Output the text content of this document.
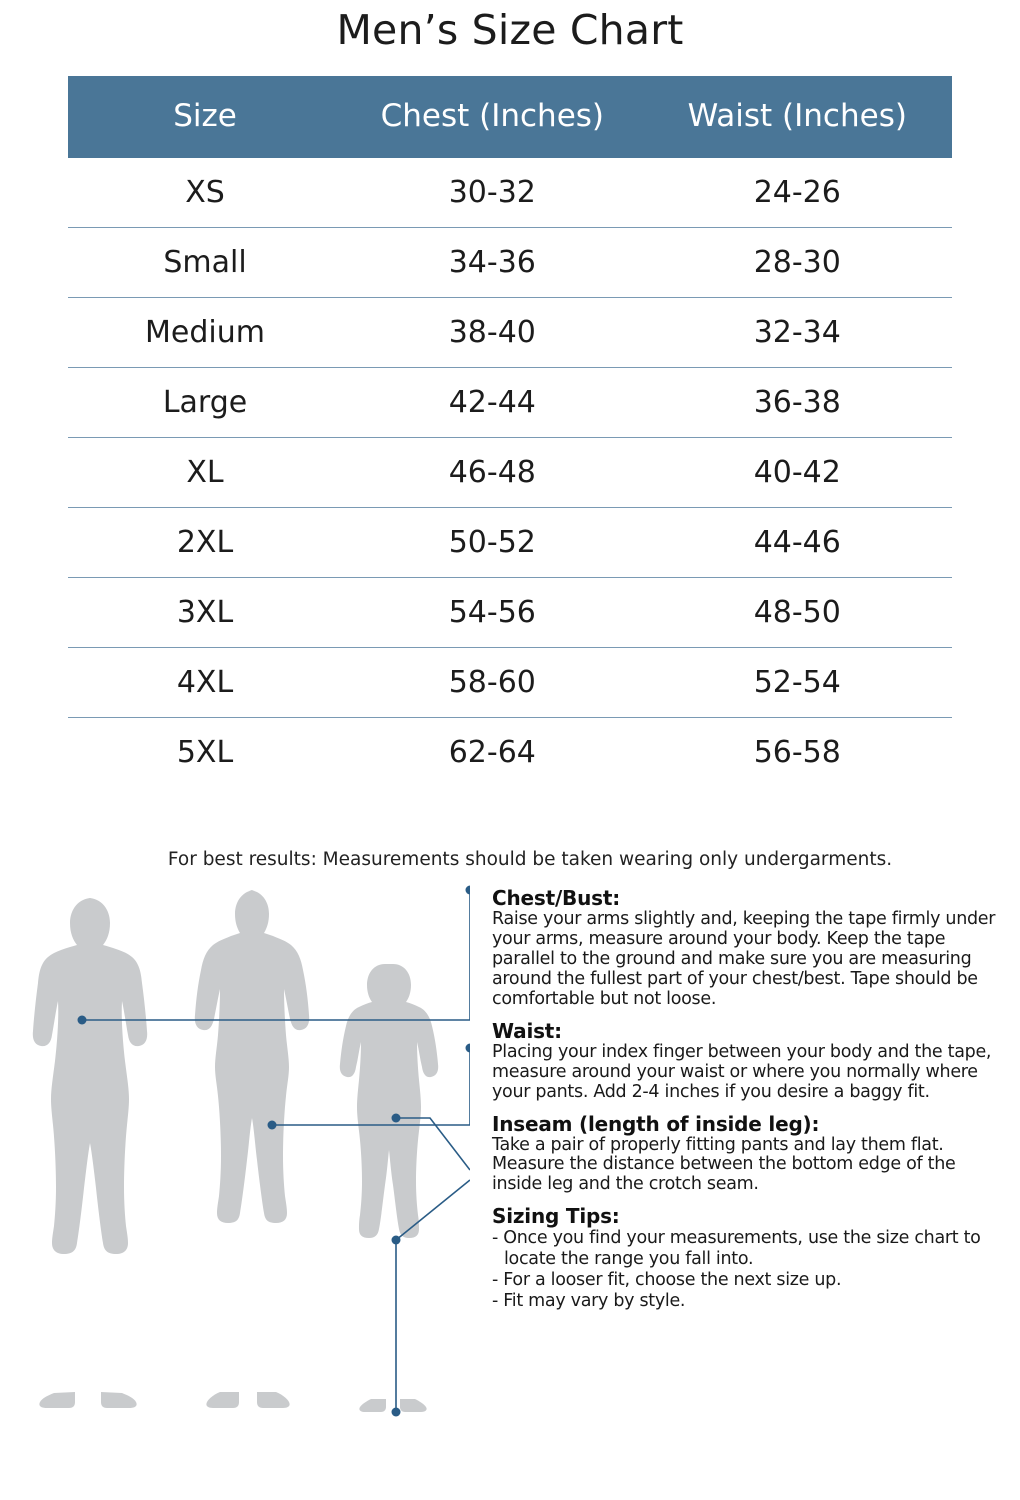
Men’s Size Chart
Size	Chest (Inches)	Waist (Inches)
XS	30-32	24-26
Small	34-36	28-30
Medium	38-40	32-34
Large	42-44	36-38
XL	46-48	40-42
2XL	50-52	44-46
3XL	54-56	48-50
4XL	58-60	52-54
5XL	62-64	56-58
For best results: Measurements should be taken wearing only undergarments.
Chest/Bust:

Raise your arms slightly and, keeping the tape firmly under your arms, measure around your body. Keep the tape parallel to the ground and make sure you are measuring around the fullest part of your chest/best. Tape should be comfortable but not loose.

Waist:

Placing your index finger between your body and the tape, measure around your waist or where you normally where your pants. Add 2-4 inches if you desire a baggy fit.

Inseam (length of inside leg):

Take a pair of properly fitting pants and lay them flat. Measure the distance between the bottom edge of the inside leg and the crotch seam.

Sizing Tips:
- Once you find your measurements, use the size chart to locate the range you fall into.
- For a looser fit, choose the next size up.
- Fit may vary by style.
